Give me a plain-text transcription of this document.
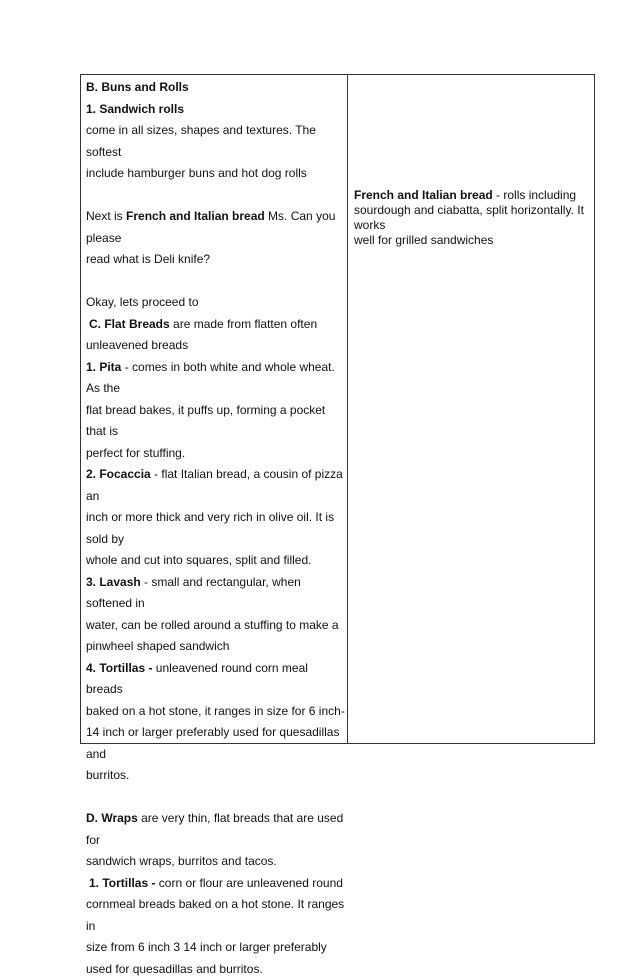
B. Buns and Rolls

1. Sandwich rolls

come in all sizes, shapes and textures. The softest

include hamburger buns and hot dog rolls

Next is French and Italian bread Ms. Can you please

read what is Deli knife?

Okay, lets proceed to

C. Flat Breads are made from flatten often

unleavened breads

1. Pita - comes in both white and whole wheat. As the

flat bread bakes, it puffs up, forming a pocket that is

perfect for stuffing.

2. Focaccia - flat Italian bread, a cousin of pizza an

inch or more thick and very rich in olive oil. It is sold by

whole and cut into squares, split and filled.

3. Lavash - small and rectangular, when softened in

water, can be rolled around a stuffing to make a

pinwheel shaped sandwich

4. Tortillas - unleavened round corn meal breads

baked on a hot stone, it ranges in size for 6 inch-

14 inch or larger preferably used for quesadillas and

burritos.

D. Wraps are very thin, flat breads that are used for

sandwich wraps, burritos and tacos.

1. Tortillas - corn or flour are unleavened round

cornmeal breads baked on a hot stone. It ranges in

size from 6 inch 3 14 inch or larger preferably

used for quesadillas and burritos.

French and Italian bread - rolls including
sourdough and ciabatta, split horizontally. It works
well for grilled sandwiches
